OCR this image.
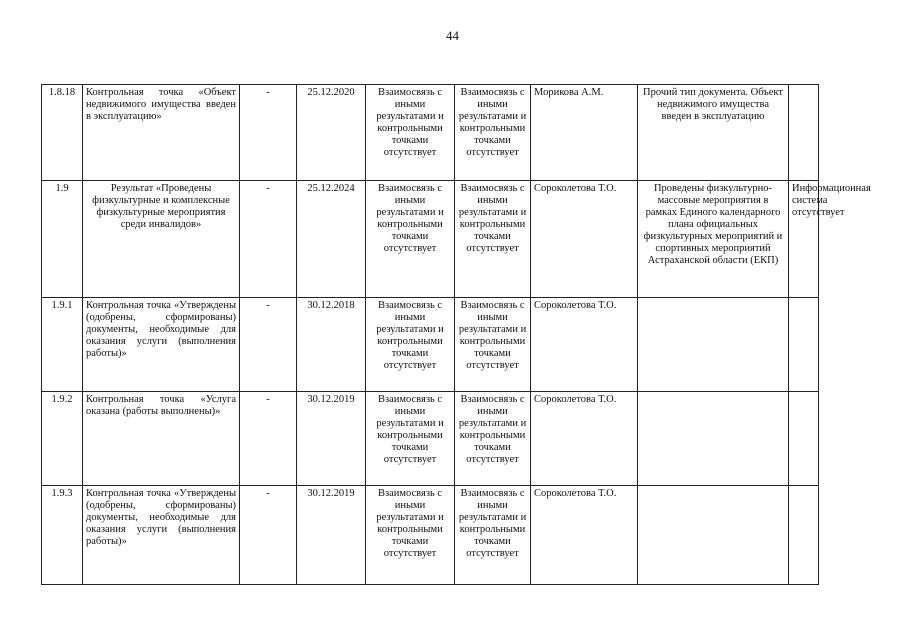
44
1.8.18	Контрольная точка «Объект недвижимого имущества введен в эксплуатацию»	-	25.12.2020	Взаимосвязь с иными результатами и контрольными точками отсутствует	Взаимосвязь с иными результатами и контрольными точками отсутствует	Морикова А.М.	Прочий тип документа. Объект недвижимого имущества введен в эксплуатацию	
1.9	Результат «Проведены физкультурные и комплексные физкультурные мероприятия среди инвалидов»	-	25.12.2024	Взаимосвязь с иными результатами и контрольными точками отсутствует	Взаимосвязь с иными результатами и контрольными точками отсутствует	Сороколетова Т.О.	Проведены физкультурно-массовые мероприятия в рамках Единого календарного плана официальных физкультурных мероприятий и спортивных мероприятий Астраханской области (ЕКП)	Информационная система отсутствует
1.9.1	Контрольная точка «Утверждены (одобрены, сформированы) документы, необходимые для оказания услуги (выполнения работы)»	-	30.12.2018	Взаимосвязь с иными результатами и контрольными точками отсутствует	Взаимосвязь с иными результатами и контрольными точками отсутствует	Сороколетова Т.О.		
1.9.2	Контрольная точка «Услуга оказана (работы выполнены)»	-	30.12.2019	Взаимосвязь с иными результатами и контрольными точками отсутствует	Взаимосвязь с иными результатами и контрольными точками отсутствует	Сороколетова Т.О.		
1.9.3	Контрольная точка «Утверждены (одобрены, сформированы) документы, необходимые для оказания услуги (выполнения работы)»	-	30.12.2019	Взаимосвязь с иными результатами и контрольными точками отсутствует	Взаимосвязь с иными результатами и контрольными точками отсутствует	Сороколетова Т.О.		
